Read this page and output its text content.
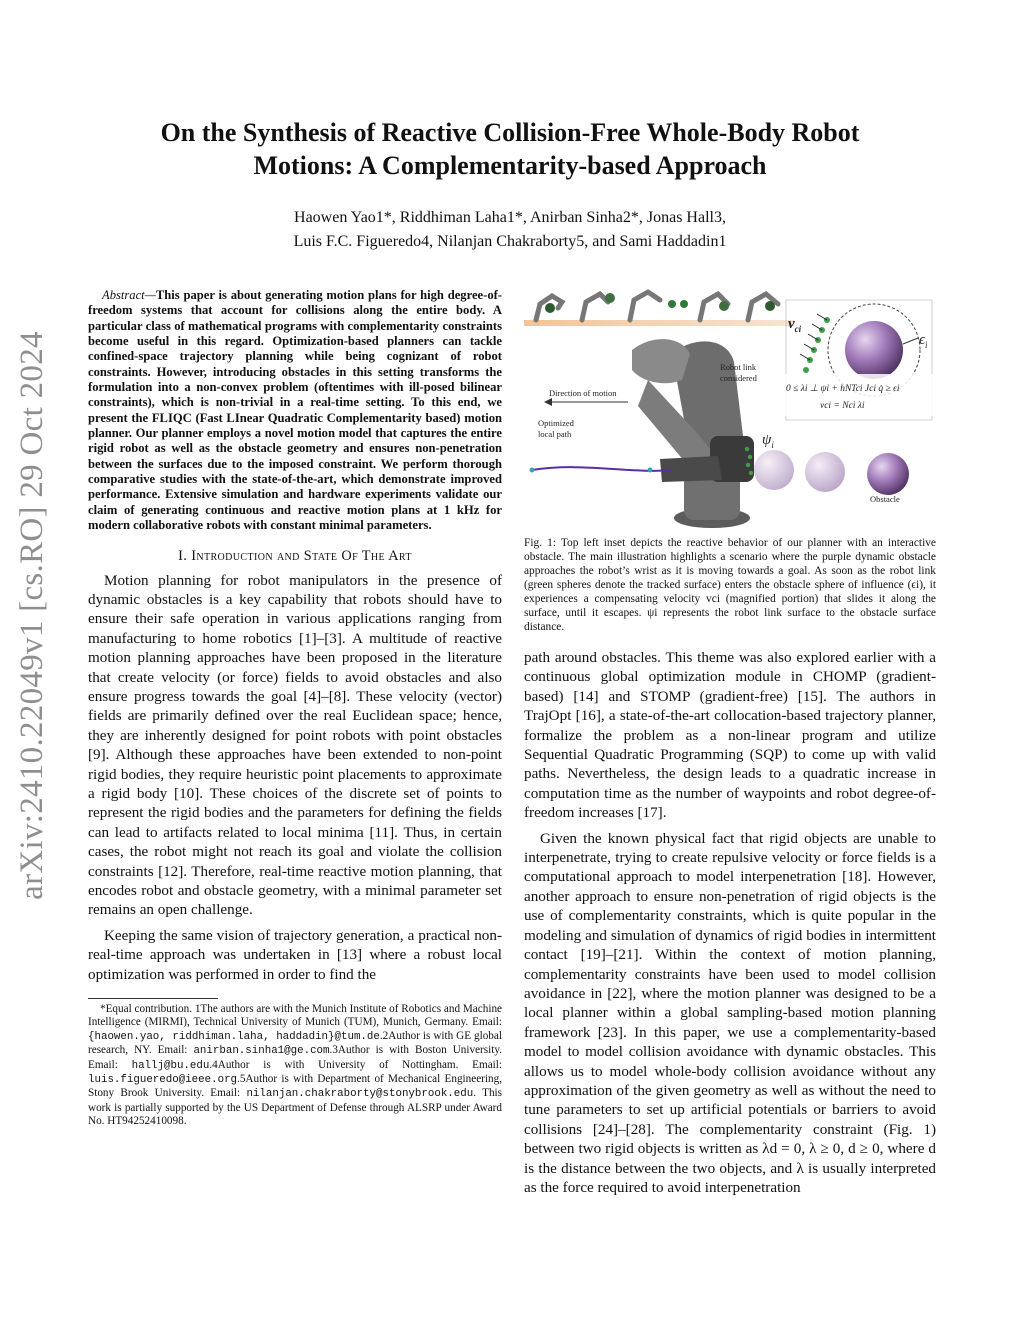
arXiv:2410.22049v1 [cs.RO] 29 Oct 2024
On the Synthesis of Reactive Collision-Free Whole-Body Robot Motions: A Complementarity-based Approach
Haowen Yao1*, Riddhiman Laha1*, Anirban Sinha2*, Jonas Hall3,
Luis F.C. Figueredo4, Nilanjan Chakraborty5, and Sami Haddadin1

Abstract—This paper is about generating motion plans for high degree-of-freedom systems that account for collisions along the entire body. A particular class of mathematical programs with complementarity constraints become useful in this regard. Optimization-based planners can tackle confined-space trajectory planning while being cognizant of robot constraints. However, introducing obstacles in this setting transforms the formulation into a non-convex problem (oftentimes with ill-posed bilinear constraints), which is non-trivial in a real-time setting. To this end, we present the FLIQC (Fast LInear Quadratic Complementarity based) motion planner. Our planner employs a novel motion model that captures the entire rigid robot as well as the obstacle geometry and ensures non-penetration between the surfaces due to the imposed constraint. We perform thorough comparative studies with the state-of-the-art, which demonstrate improved performance. Extensive simulation and hardware experiments validate our claim of generating continuous and reactive motion plans at 1 kHz for modern collaborative robots with constant minimal parameters.

I. Introduction and State Of The Art

Motion planning for robot manipulators in the presence of dynamic obstacles is a key capability that robots should have to ensure their safe operation in various applications ranging from manufacturing to home robotics [1]–[3]. A multitude of reactive motion planning approaches have been proposed in the literature that create velocity (or force) fields to avoid obstacles and also ensure progress towards the goal [4]–[8]. These velocity (vector) fields are primarily defined over the real Euclidean space; hence, they are inherently designed for point robots with point obstacles [9]. Although these approaches have been extended to non-point rigid bodies, they require heuristic point placements to approximate a rigid body [10]. These choices of the discrete set of points to represent the rigid bodies and the parameters for defining the fields can lead to artifacts related to local minima [11]. Thus, in certain cases, the robot might not reach its goal and violate the collision constraints [12]. Therefore, real-time reactive motion planning, that encodes robot and obstacle geometry, with a minimal parameter set remains an open challenge.

Keeping the same vision of trajectory generation, a practical non-real-time approach was undertaken in [13] where a robust local optimization was performed in order to find the

*Equal contribution. 1The authors are with the Munich Institute of Robotics and Machine Intelligence (MIRMI), Technical University of Munich (TUM), Munich, Germany. Email:{haowen.yao, riddhiman.laha, haddadin}@tum.de.2Author is with GE global research, NY. Email: anirban.sinha1@ge.com.3Author is with Boston University. Email: hallj@bu.edu.4Author is with University of Nottingham. Email: luis.figueredo@ieee.org.5Author is with Department of Mechanical Engineering, Stony Brook University. Email: nilanjan.chakraborty@stonybrook.edu. This work is partially supported by the US Department of Defense through ALSRP under Award No. HT94252410098.

Direction of motion
Optimized
local path
Robot link
considered
Obstacle
$v_{ci}$
$\epsilon_i$
$\psi_i$
0 ≤ λi ⊥ ψi + hNTci Jci q̇ ≥ ϵi
vci = Nci λi

Fig. 1: Top left inset depicts the reactive behavior of our planner with an interactive obstacle. The main illustration highlights a scenario where the purple dynamic obstacle approaches the robot’s wrist as it is moving towards a goal. As soon as the robot link (green spheres denote the tracked surface) enters the obstacle sphere of influence (ϵi), it experiences a compensating velocity vci (magnified portion) that slides it along the surface, until it escapes. ψi represents the robot link surface to the obstacle surface distance.

path around obstacles. This theme was also explored earlier with a continuous global optimization module in CHOMP (gradient-based) [14] and STOMP (gradient-free) [15]. The authors in TrajOpt [16], a state-of-the-art collocation-based trajectory planner, formalize the problem as a non-linear program and utilize Sequential Quadratic Programming (SQP) to come up with valid paths. Nevertheless, the design leads to a quadratic increase in computation time as the number of waypoints and robot degree-of-freedom increases [17].

Given the known physical fact that rigid objects are unable to interpenetrate, trying to create repulsive velocity or force fields is a computational approach to model interpenetration [18]. However, another approach to ensure non-penetration of rigid objects is the use of complementarity constraints, which is quite popular in the modeling and simulation of dynamics of rigid bodies in intermittent contact [19]–[21]. Within the context of motion planning, complementarity constraints have been used to model collision avoidance in [22], where the motion planner was designed to be a local planner within a global sampling-based motion planning framework [23]. In this paper, we use a complementarity-based model to model collision avoidance with dynamic obstacles. This allows us to model whole-body collision avoidance without any approximation of the given geometry as well as without the need to tune parameters to set up artificial potentials or barriers to avoid collisions [24]–[28]. The complementarity constraint (Fig. 1) between two rigid objects is written as λd = 0, λ ≥ 0, d ≥ 0, where d is the distance between the two objects, and λ is usually interpreted as the force required to avoid interpenetration
